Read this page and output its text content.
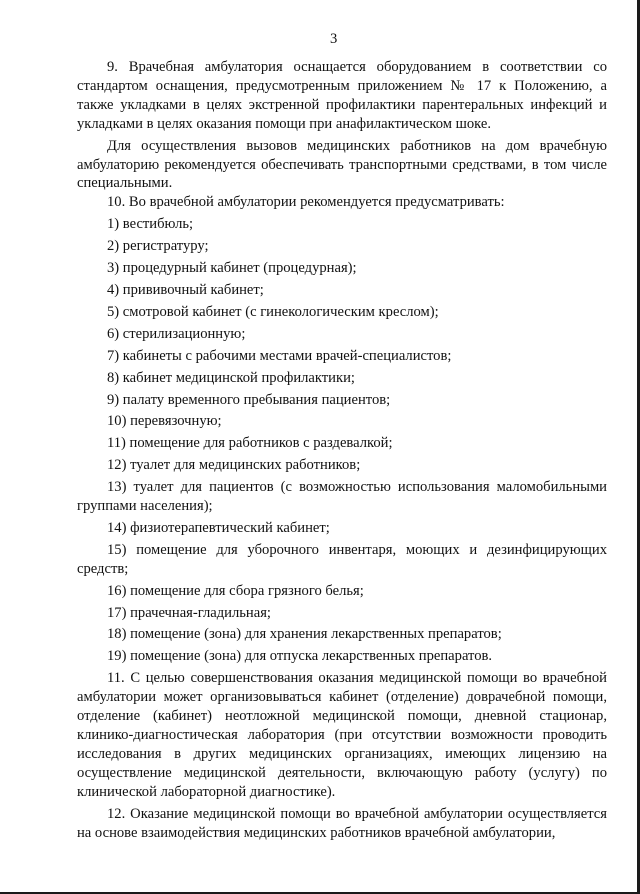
3

9. Врачебная амбулатория оснащается оборудованием в соответствии со стандартом оснащения, предусмотренным приложением № 17 к Положению, а также укладками в целях экстренной профилактики парентеральных инфекций и укладками в целях оказания помощи при анафилактическом шоке.

Для осуществления вызовов медицинских работников на дом врачебную амбулаторию рекомендуется обеспечивать транспортными средствами, в том числе специальными.

10. Во врачебной амбулатории рекомендуется предусматривать:

1) вестибюль;

2) регистратуру;

3) процедурный кабинет (процедурная);

4) прививочный кабинет;

5) смотровой кабинет (с гинекологическим креслом);

6) стерилизационную;

7) кабинеты с рабочими местами врачей-специалистов;

8) кабинет медицинской профилактики;

9) палату временного пребывания пациентов;

10) перевязочную;

11) помещение для работников с раздевалкой;

12) туалет для медицинских работников;

13) туалет для пациентов (с возможностью использования маломобильными группами населения);

14) физиотерапевтический кабинет;

15) помещение для уборочного инвентаря, моющих и дезинфицирующих средств;

16) помещение для сбора грязного белья;

17) прачечная-гладильная;

18) помещение (зона) для хранения лекарственных препаратов;

19) помещение (зона) для отпуска лекарственных препаратов.

11. С целью совершенствования оказания медицинской помощи во врачебной амбулатории может организовываться кабинет (отделение) доврачебной помощи, отделение (кабинет) неотложной медицинской помощи, дневной стационар, клинико-диагностическая лаборатория (при отсутствии возможности проводить исследования в других медицинских организациях, имеющих лицензию на осуществление медицинской деятельности, включающую работу (услугу) по клинической лабораторной диагностике).

12. Оказание медицинской помощи во врачебной амбулатории осуществляется на основе взаимодействия медицинских работников врачебной амбулатории,
